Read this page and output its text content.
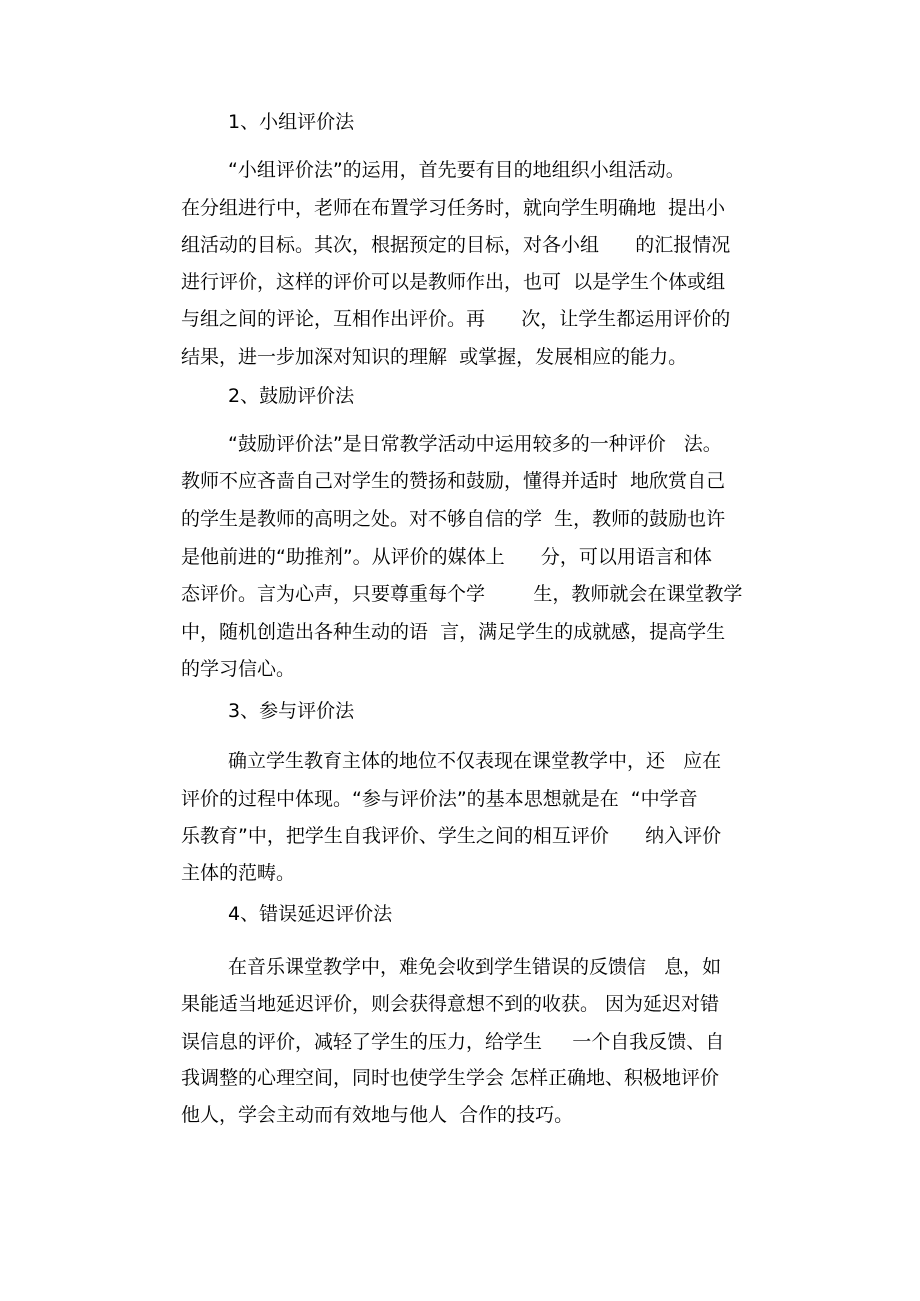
1、小组评价法
“小组评价法”的运用，首先要有目的地组织小组活动。
在分组进行中，老师在布置学习任务时，就向学生明确地  提出小
组活动的目标。其次，根据预定的目标，对各小组      的汇报情况
进行评价，这样的评价可以是教师作出，也可  以是学生个体或组
与组之间的评论，互相作出评价。再      次，让学生都运用评价的
结果，进一步加深对知识的理解  或掌握，发展相应的能力。
2、鼓励评价法
“鼓励评价法”是日常教学活动中运用较多的一种评价   法。
教师不应吝啬自己对学生的赞扬和鼓励，懂得并适时  地欣赏自己
的学生是教师的高明之处。对不够自信的学  生，教师的鼓励也许
是他前进的“助推剂”。从评价的媒体上      分，可以用语言和体
态评价。言为心声，只要尊重每个学        生，教师就会在课堂教学
中，随机创造出各种生动的语  言，满足学生的成就感，提高学生
的学习信心。
3、参与评价法
确立学生教育主体的地位不仅表现在课堂教学中，还   应在
评价的过程中体现。“参与评价法”的基本思想就是在  “中学音
乐教育”中，把学生自我评价、学生之间的相互评价      纳入评价
主体的范畴。
4、错误延迟评价法
在音乐课堂教学中，难免会收到学生错误的反馈信   息，如
果能适当地延迟评价，则会获得意想不到的收获。 因为延迟对错
误信息的评价，减轻了学生的压力，给学生     一个自我反馈、自
我调整的心理空间，同时也使学生学会 怎样正确地、积极地评价
他人，学会主动而有效地与他人  合作的技巧。
